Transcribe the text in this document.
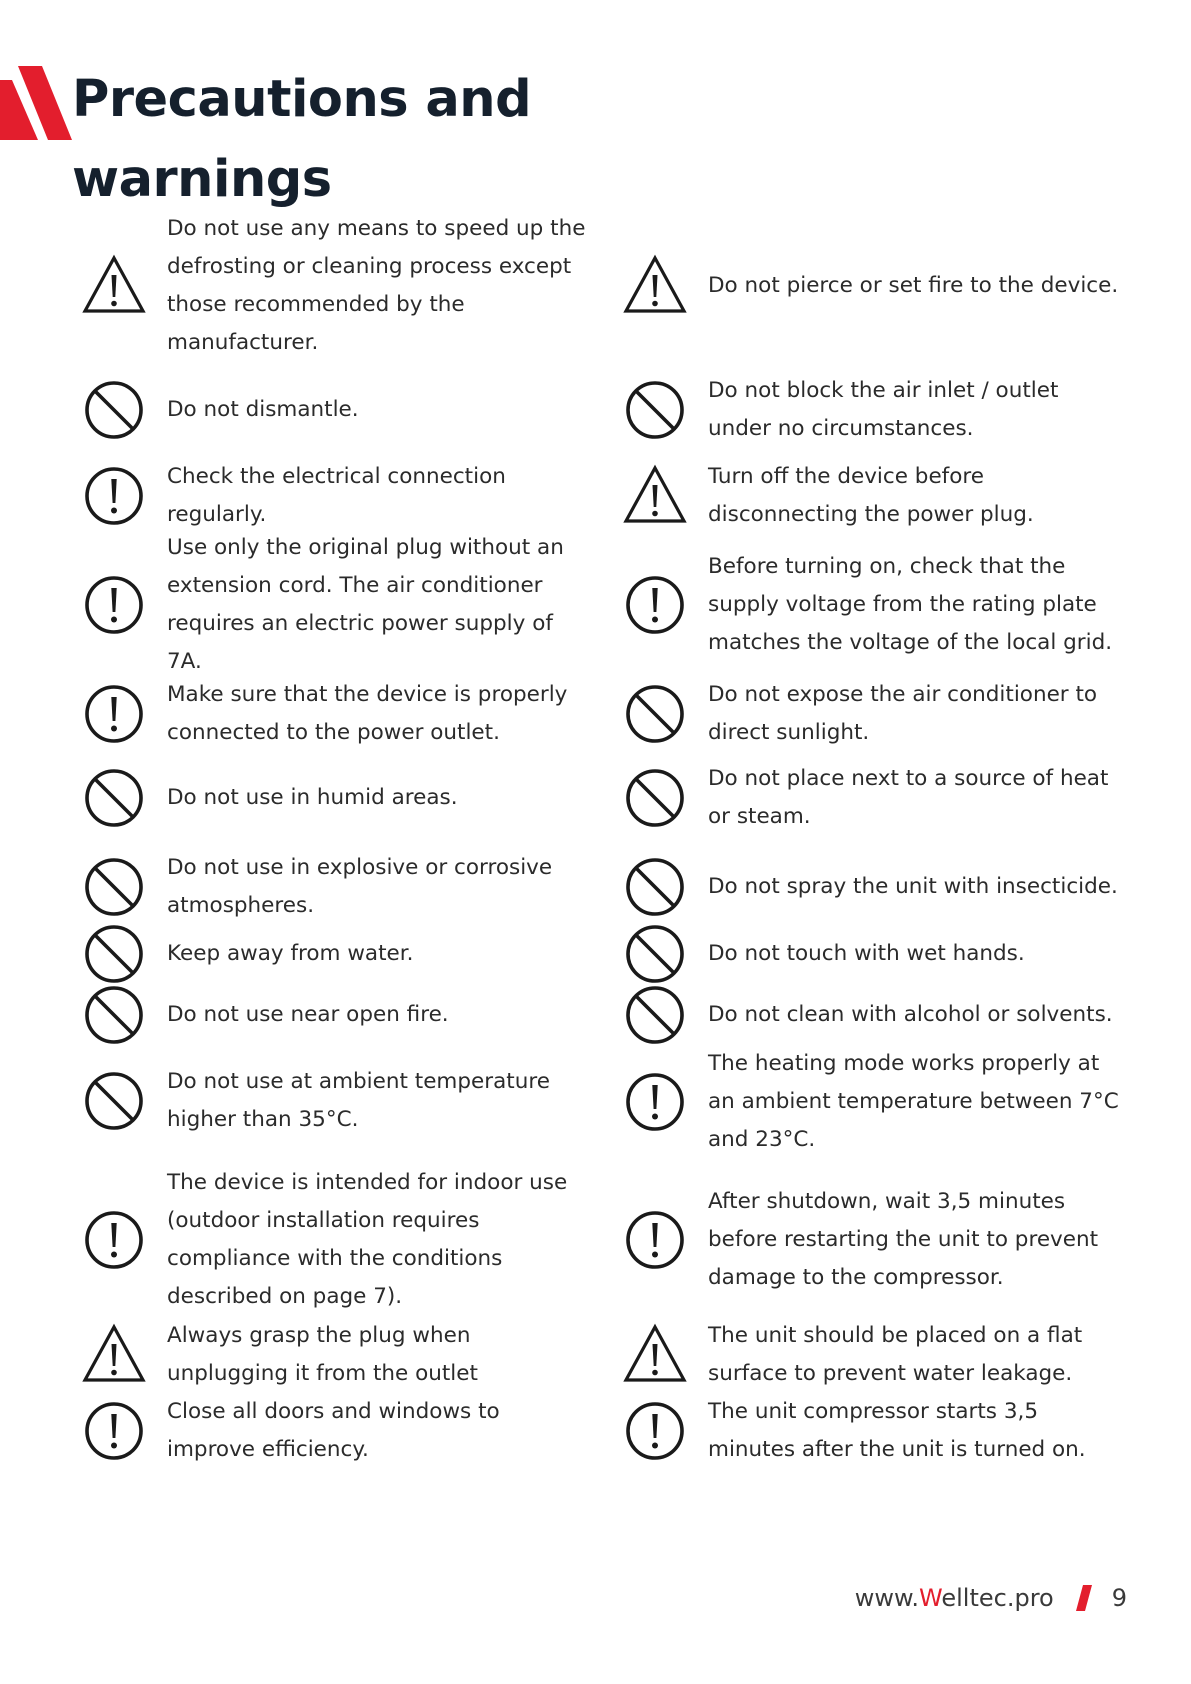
Precautions and warnings
Do not use any means to speed up the defrosting or cleaning process except those recommended by the manufacturer.
Do not pierce or set fire to the device.
Do not dismantle.
Do not block the air inlet / outlet under no circumstances.
Check the electrical connection regularly.
Turn off the device before disconnecting the power plug.
Use only the original plug without an extension cord. The air conditioner requires an electric power supply of 7A.
Before turning on, check that the supply voltage from the rating plate matches the voltage of the local grid.
Make sure that the device is properly connected to the power outlet.
Do not expose the air conditioner to direct sunlight.
Do not use in humid areas.
Do not place next to a source of heat or steam.
Do not use in explosive or corrosive atmospheres.
Do not spray the unit with insecticide.
Keep away from water.	Do not touch with wet hands.
Do not use near open fire.	Do not clean with alcohol or solvents.
Do not use at ambient temperature higher than 35°C.
The heating mode works properly at an ambient temperature between 7°C and 23°C.
The device is intended for indoor use (outdoor installation requires compliance with the conditions described on page 7).
After shutdown, wait 3,5 minutes before restarting the unit to prevent damage to the compressor.
Always grasp the plug when unplugging it from the outlet
The unit should be placed on a flat surface to prevent water leakage.
Close all doors and windows to improve efficiency.
The unit compressor starts 3,5 minutes after the unit is turned on.
www.Welltec.pro 9
